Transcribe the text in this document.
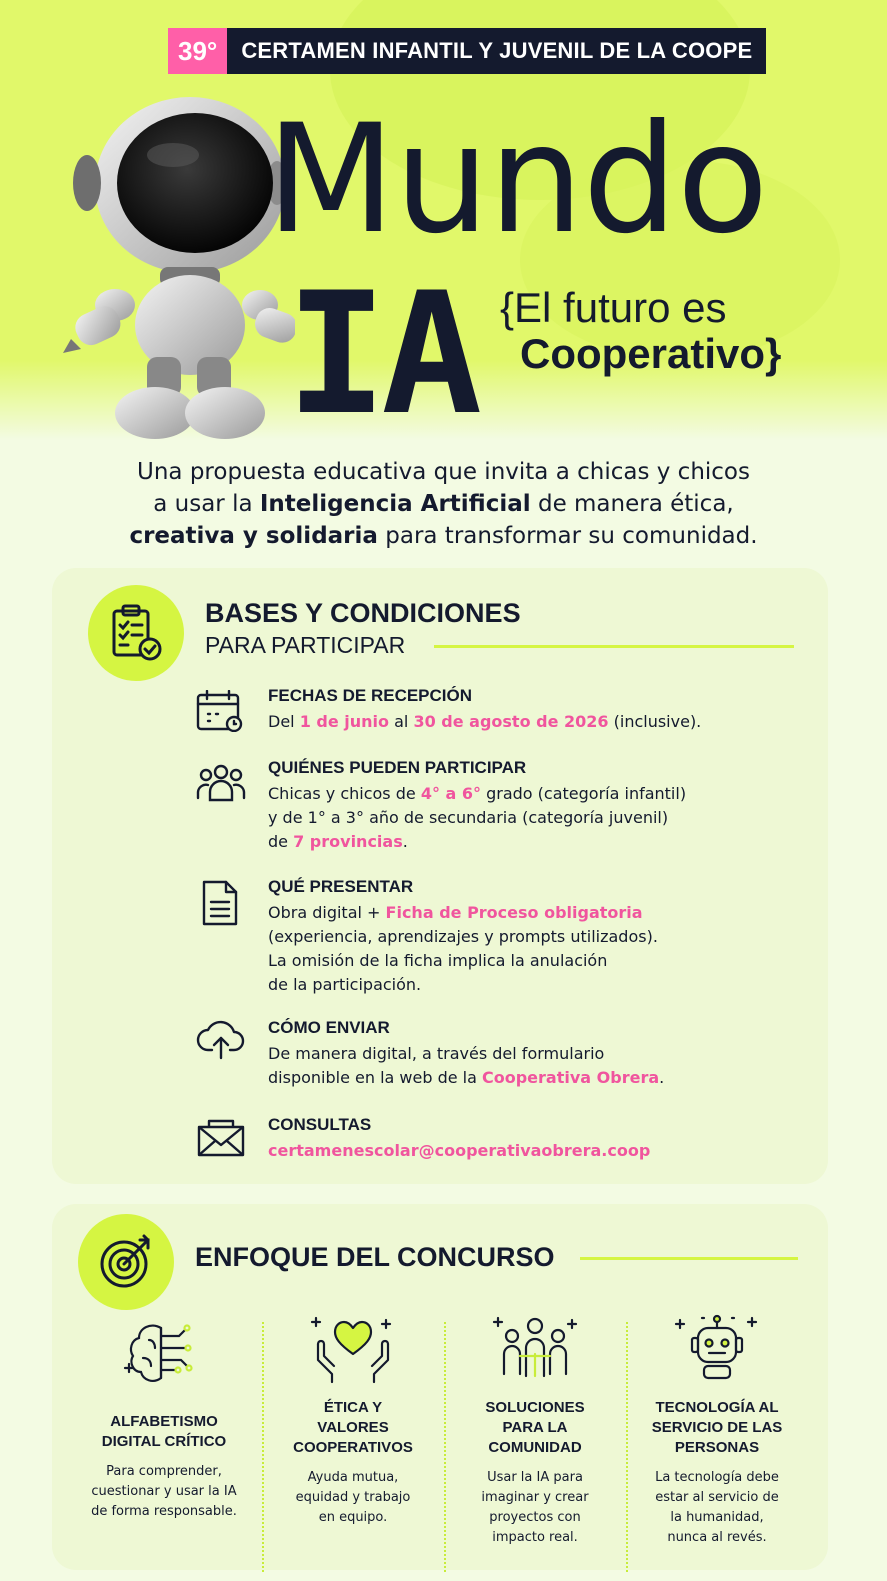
39°	CERTAMEN INFANTIL Y JUVENIL DE LA COOPE
Mundo
IA {El futuro es
Cooperativo}
Una propuesta educativa que invita a chicas y chicos
a usar la Inteligencia Artificial de manera ética,
creativa y solidaria para transformar su comunidad.
BASES Y CONDICIONES
PARA PARTICIPAR
FECHAS DE RECEPCIÓN
Del 1 de junio al 30 de agosto de 2026 (inclusive).
QUIÉNES PUEDEN PARTICIPAR
Chicas y chicos de 4° a 6° grado (categoría infantil)
y de 1° a 3° año de secundaria (categoría juvenil)
de 7 provincias.
QUÉ PRESENTAR
Obra digital + Ficha de Proceso obligatoria
(experiencia, aprendizajes y prompts utilizados).
La omisión de la ficha implica la anulación
de la participación.
CÓMO ENVIAR
De manera digital, a través del formulario
disponible en la web de la Cooperativa Obrera.
CONSULTAS
certamenescolar@cooperativaobrera.coop
ENFOQUE DEL CONCURSO
ALFABETISMO
DIGITAL CRÍTICO
Para comprender,
cuestionar y usar la IA
de forma responsable.
ÉTICA Y
VALORES
COOPERATIVOS
Ayuda mutua,
equidad y trabajo
en equipo.
SOLUCIONES
PARA LA
COMUNIDAD
Usar la IA para
imaginar y crear
proyectos con
impacto real.
TECNOLOGÍA AL
SERVICIO DE LAS
PERSONAS
La tecnología debe
estar al servicio de
la humanidad,
nunca al revés.
